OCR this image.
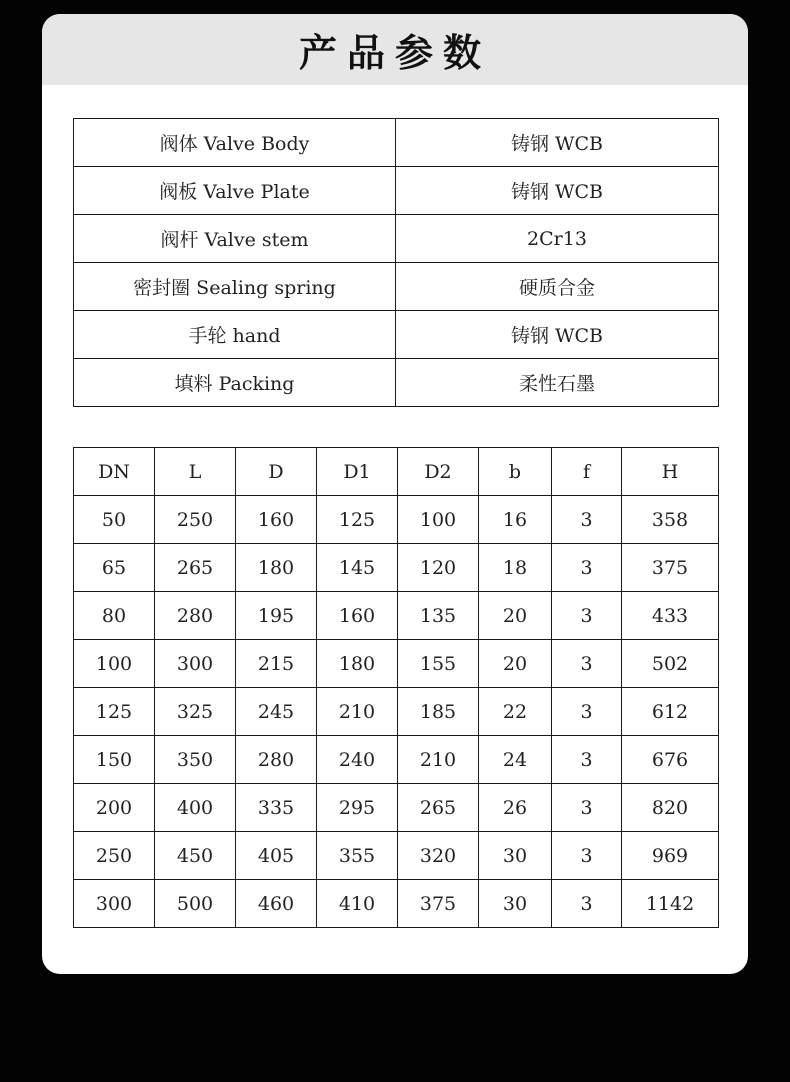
产品参数
阀体 Valve Body	铸钢 WCB
阀板 Valve Plate	铸钢 WCB
阀杆 Valve stem	2Cr13
密封圈 Sealing spring	硬质合金
手轮 hand	铸钢 WCB
填料 Packing	柔性石墨
DN	L	D	D1	D2	b	f	H
50	250	160	125	100	16	3	358
65	265	180	145	120	18	3	375
80	280	195	160	135	20	3	433
100	300	215	180	155	20	3	502
125	325	245	210	185	22	3	612
150	350	280	240	210	24	3	676
200	400	335	295	265	26	3	820
250	450	405	355	320	30	3	969
300	500	460	410	375	30	3	1142
